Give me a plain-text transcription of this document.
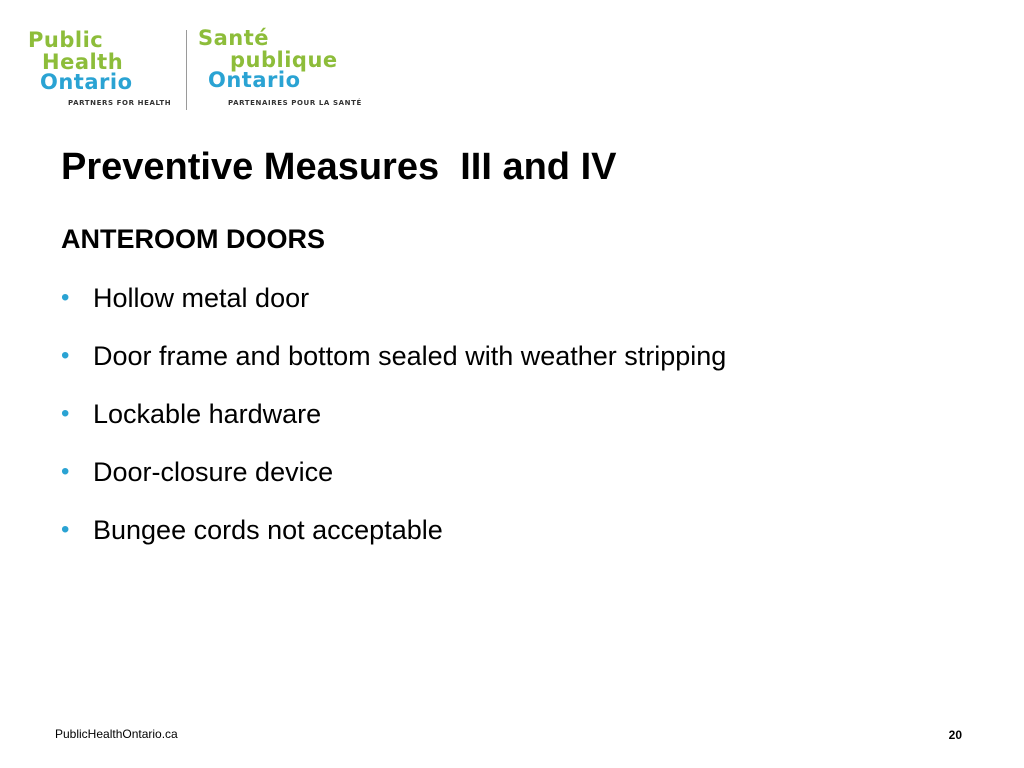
Public
Health
Ontario
PARTNERS FOR HEALTH
Santé
publique
Ontario
PARTENAIRES POUR LA SANTÉ
Preventive Measures  III and IV
ANTEROOM DOORS
• Hollow metal door
• Door frame and bottom sealed with weather stripping
• Lockable hardware
• Door-closure device
• Bungee cords not acceptable
PublicHealthOntario.ca	20
